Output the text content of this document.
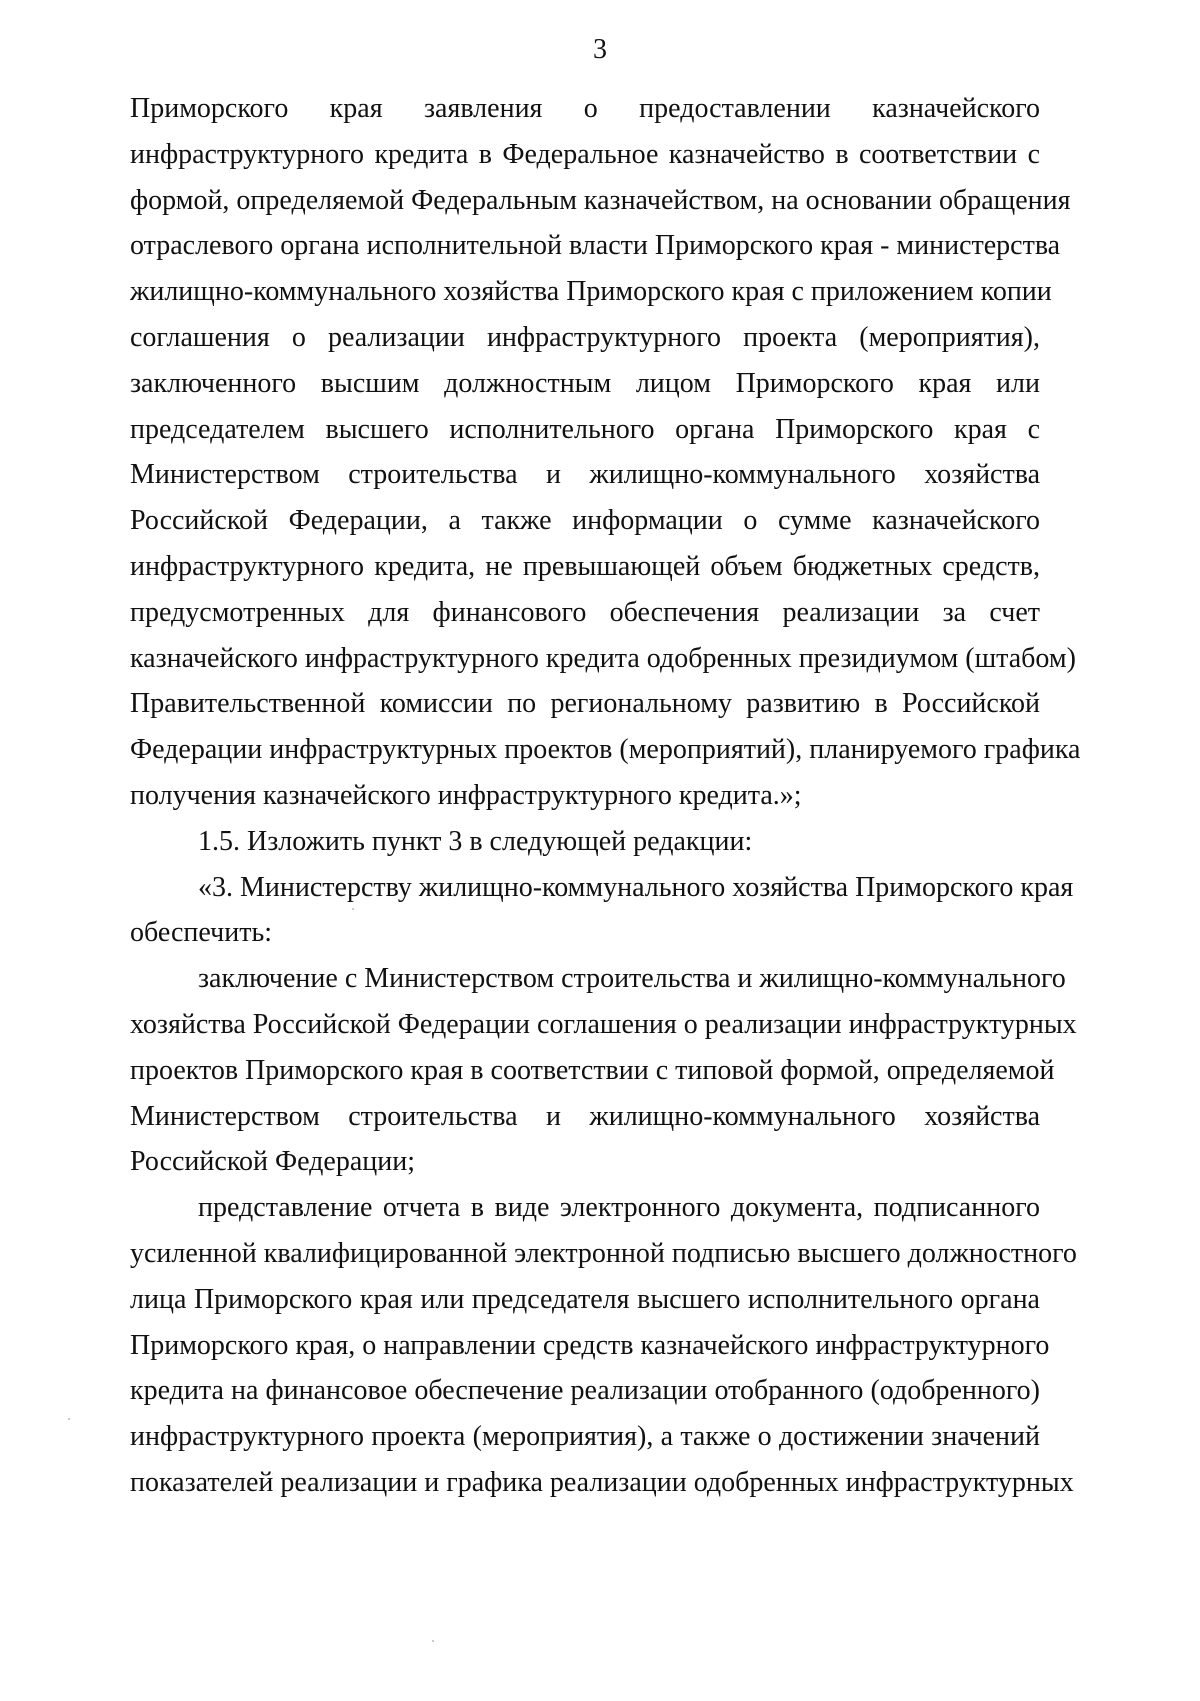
3
Приморского края заявления о предоставлении казначейского
инфраструктурного кредита в Федеральное казначейство в соответствии с
формой, определяемой Федеральным казначейством, на основании обращения
отраслевого органа исполнительной власти Приморского края - министерства
жилищно-коммунального хозяйства Приморского края с приложением копии
соглашения о реализации инфраструктурного проекта (мероприятия),
заключенного высшим должностным лицом Приморского края или
председателем высшего исполнительного органа Приморского края с
Министерством строительства и жилищно-коммунального хозяйства
Российской Федерации, а также информации о сумме казначейского
инфраструктурного кредита, не превышающей объем бюджетных средств,
предусмотренных для финансового обеспечения реализации за счет
казначейского инфраструктурного кредита одобренных президиумом (штабом)
Правительственной комиссии по региональному развитию в Российской
Федерации инфраструктурных проектов (мероприятий), планируемого графика
получения казначейского инфраструктурного кредита.»;
1.5. Изложить пункт 3 в следующей редакции:
«3. Министерству жилищно-коммунального хозяйства Приморского края
обеспечить:
заключение с Министерством строительства и жилищно-коммунального
хозяйства Российской Федерации соглашения о реализации инфраструктурных
проектов Приморского края в соответствии с типовой формой, определяемой
Министерством строительства и жилищно-коммунального хозяйства
Российской Федерации;
представление отчета в виде электронного документа, подписанного
усиленной квалифицированной электронной подписью высшего должностного
лица Приморского края или председателя высшего исполнительного органа
Приморского края, о направлении средств казначейского инфраструктурного
кредита на финансовое обеспечение реализации отобранного (одобренного)
инфраструктурного проекта (мероприятия), а также о достижении значений
показателей реализации и графика реализации одобренных инфраструктурных
